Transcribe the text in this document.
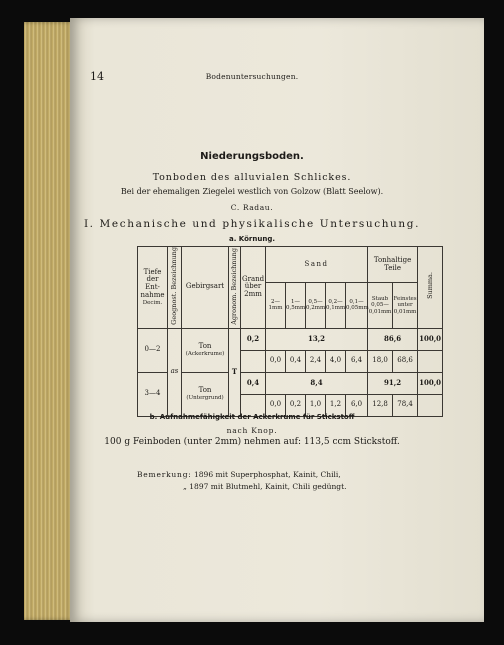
14	Bodenuntersuchungen.
Niederungsboden.
Tonboden des alluvialen Schlickes.
Bei der ehemaligen Ziegelei westlich von Golzow (Blatt Seelow).
C. Radau.
I. Mechanische und physikalische Untersuchung.
a. Körnung.
Tiefe der Ent- nahme
Decim.	Geognost. Bezeichnung	Gebirgsart	Agronom. Bezeichnung	Grand über 2mm	Sand					Tonhaltige Teile		Summa.
					2—1mm	1—0,5mm	0,5—0,2mm	0,2—0,1mm	0,1—0,05mm	Staub 0,05—0,01mm	Feinstes unter 0,01mm	
0—2	as	Ton
(Ackerkrume)	T	0,2	13,2					86,6		100,0
					0,0	0,4	2,4	4,0	6,4	18,0	68,6	
3—4		Ton
(Untergrund)		0,4	8,4					91,2		100,0
					0,0	0,2	1,0	1,2	6,0	12,8	78,4	
b. Aufnahmefähigkeit der Ackerkrume für Stickstoff
nach Knop.
100 g Feinboden (unter 2mm) nehmen auf: 113,5 ccm Stickstoff.
Bemerkung: 1896 mit Superphosphat, Kainit, Chili,
„ 1897 mit Blutmehl, Kainit, Chili gedüngt.
